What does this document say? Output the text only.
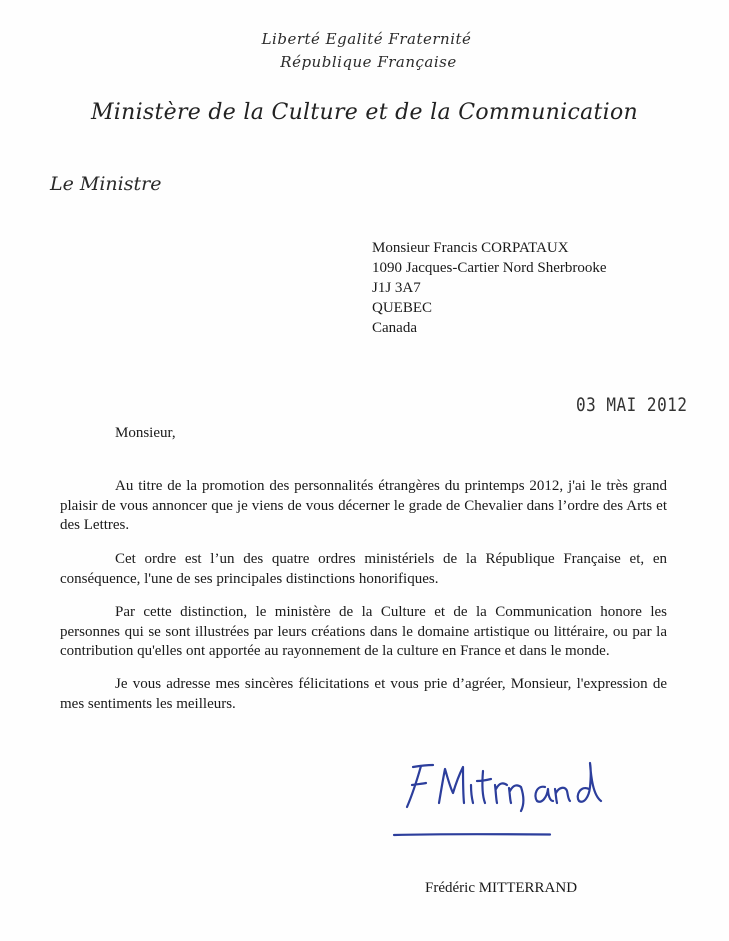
Liberté Egalité Fraternité
République Française
Ministère de la Culture et de la Communication
Le Ministre
Monsieur Francis CORPATAUX
1090 Jacques-Cartier Nord Sherbrooke
J1J 3A7
QUEBEC
Canada
03 MAI 2012
Monsieur,

Au titre de la promotion des personnalités étrangères du printemps 2012, j'ai le très grand plaisir de vous annoncer que je viens de vous décerner le grade de Chevalier dans l’ordre des Arts et des Lettres.

Cet ordre est l’un des quatre ordres ministériels de la République Française et, en conséquence, l'une de ses principales distinctions honorifiques.

Par cette distinction, le ministère de la Culture et de la Communication honore les personnes qui se sont illustrées par leurs créations dans le domaine artistique ou littéraire, ou par la contribution qu'elles ont apportée au rayonnement de la culture en France et dans le monde.

Je vous adresse mes sincères félicitations et vous prie d’agréer, Monsieur, l'expression de mes sentiments les meilleurs.

Frédéric MITTERRAND
